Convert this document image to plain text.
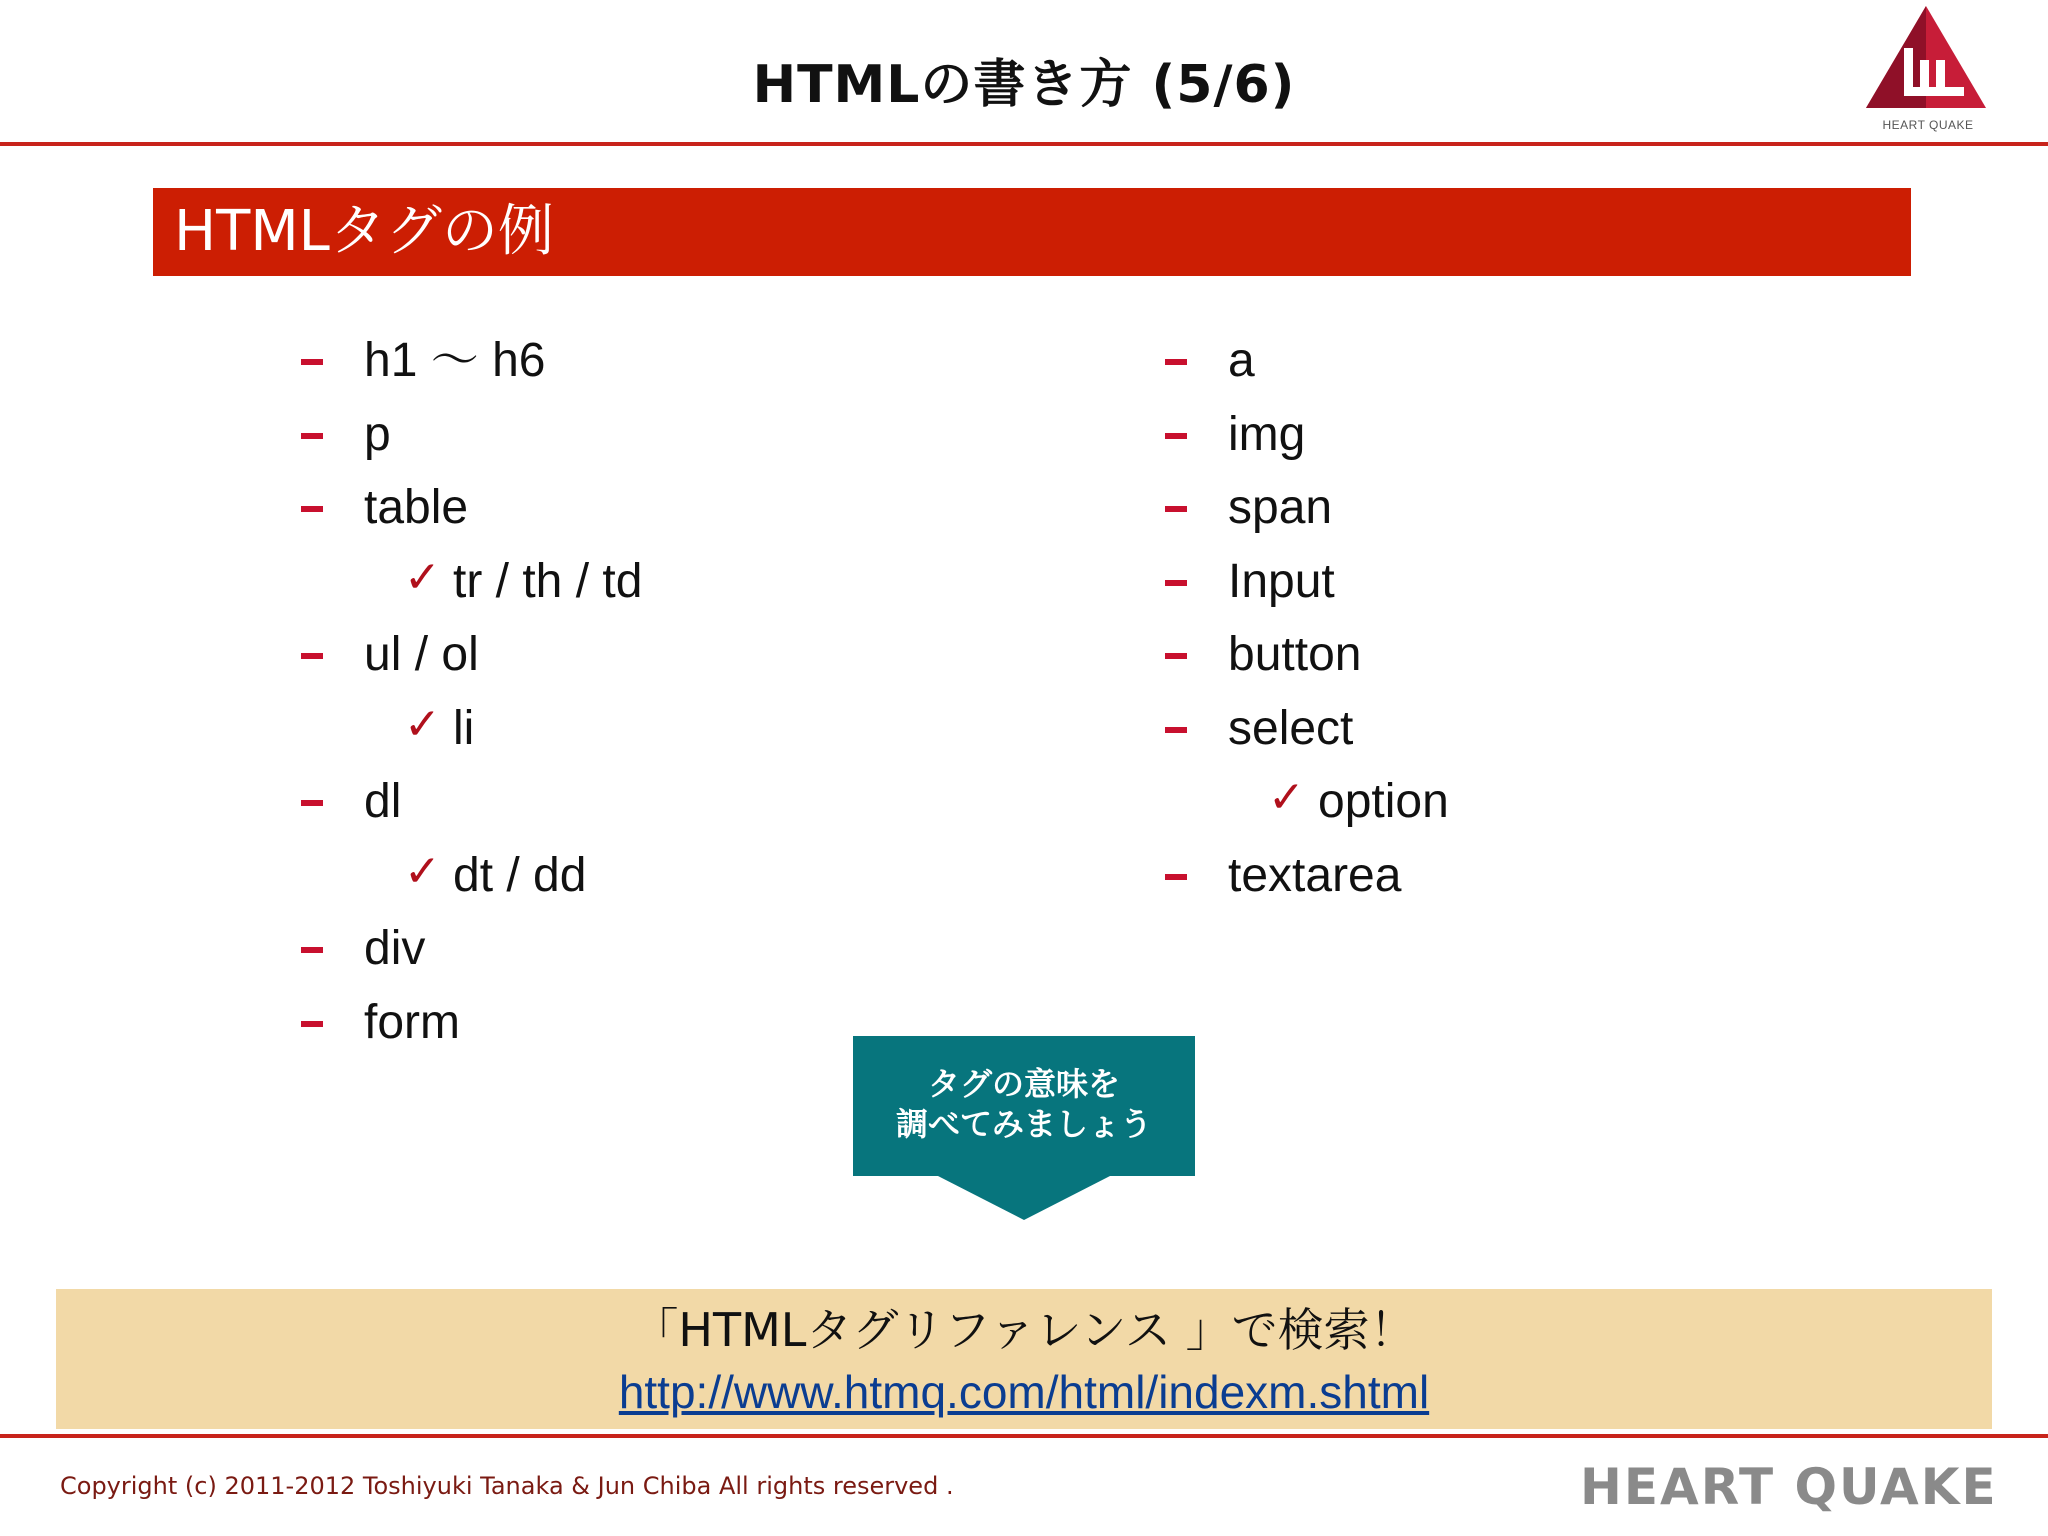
HTMLの書き方 (5/6)
HEART QUAKE
HTMLタグの例
h1 ～ h6
p
table
✓ tr / th / td
ul / ol
✓ li
dl
✓ dt / dd
div
form
a
img
span
Input
button
select
✓ option
textarea
タグの意味を
調べてみましょう
「HTMLタグリファレンス 」で検索！
http://www.htmq.com/html/indexm.shtml
Copyright (c) 2011-2012 Toshiyuki Tanaka & Jun Chiba All rights reserved .	HEART QUAKE
